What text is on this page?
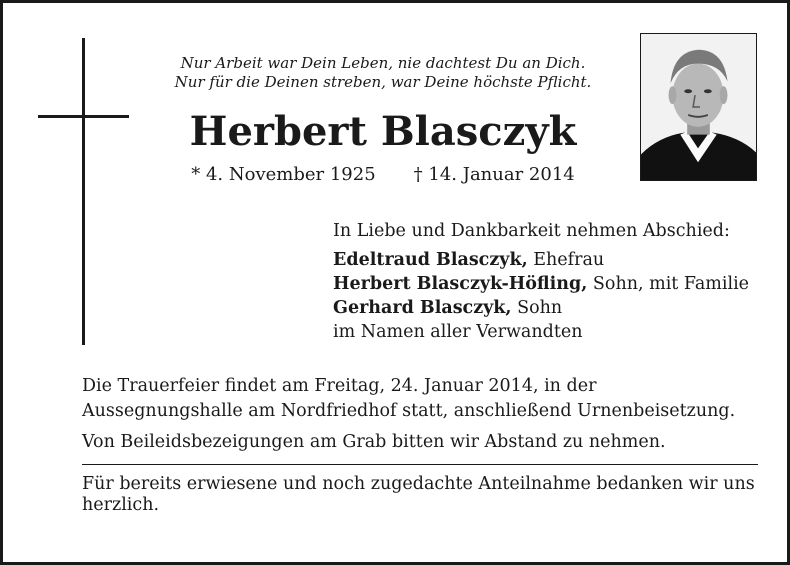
Nur Arbeit war Dein Leben, nie dachtest Du an Dich.
Nur für die Deinen streben, war Deine höchste Pflicht.
Herbert Blasczyk
* 4. November 1925 † 14. Januar 2014
In Liebe und Dankbarkeit nehmen Abschied:
Edeltraud Blasczyk, Ehefrau
Herbert Blasczyk-Höfling, Sohn, mit Familie
Gerhard Blasczyk, Sohn
im Namen aller Verwandten

Die Trauerfeier findet am Freitag, 24. Januar 2014, in der Aussegnungshalle am Nordfriedhof statt, anschließend Urnenbeisetzung.

Von Beileidsbezeigungen am Grab bitten wir Abstand zu nehmen.

Für bereits erwiesene und noch zugedachte Anteilnahme bedanken wir uns herzlich.
